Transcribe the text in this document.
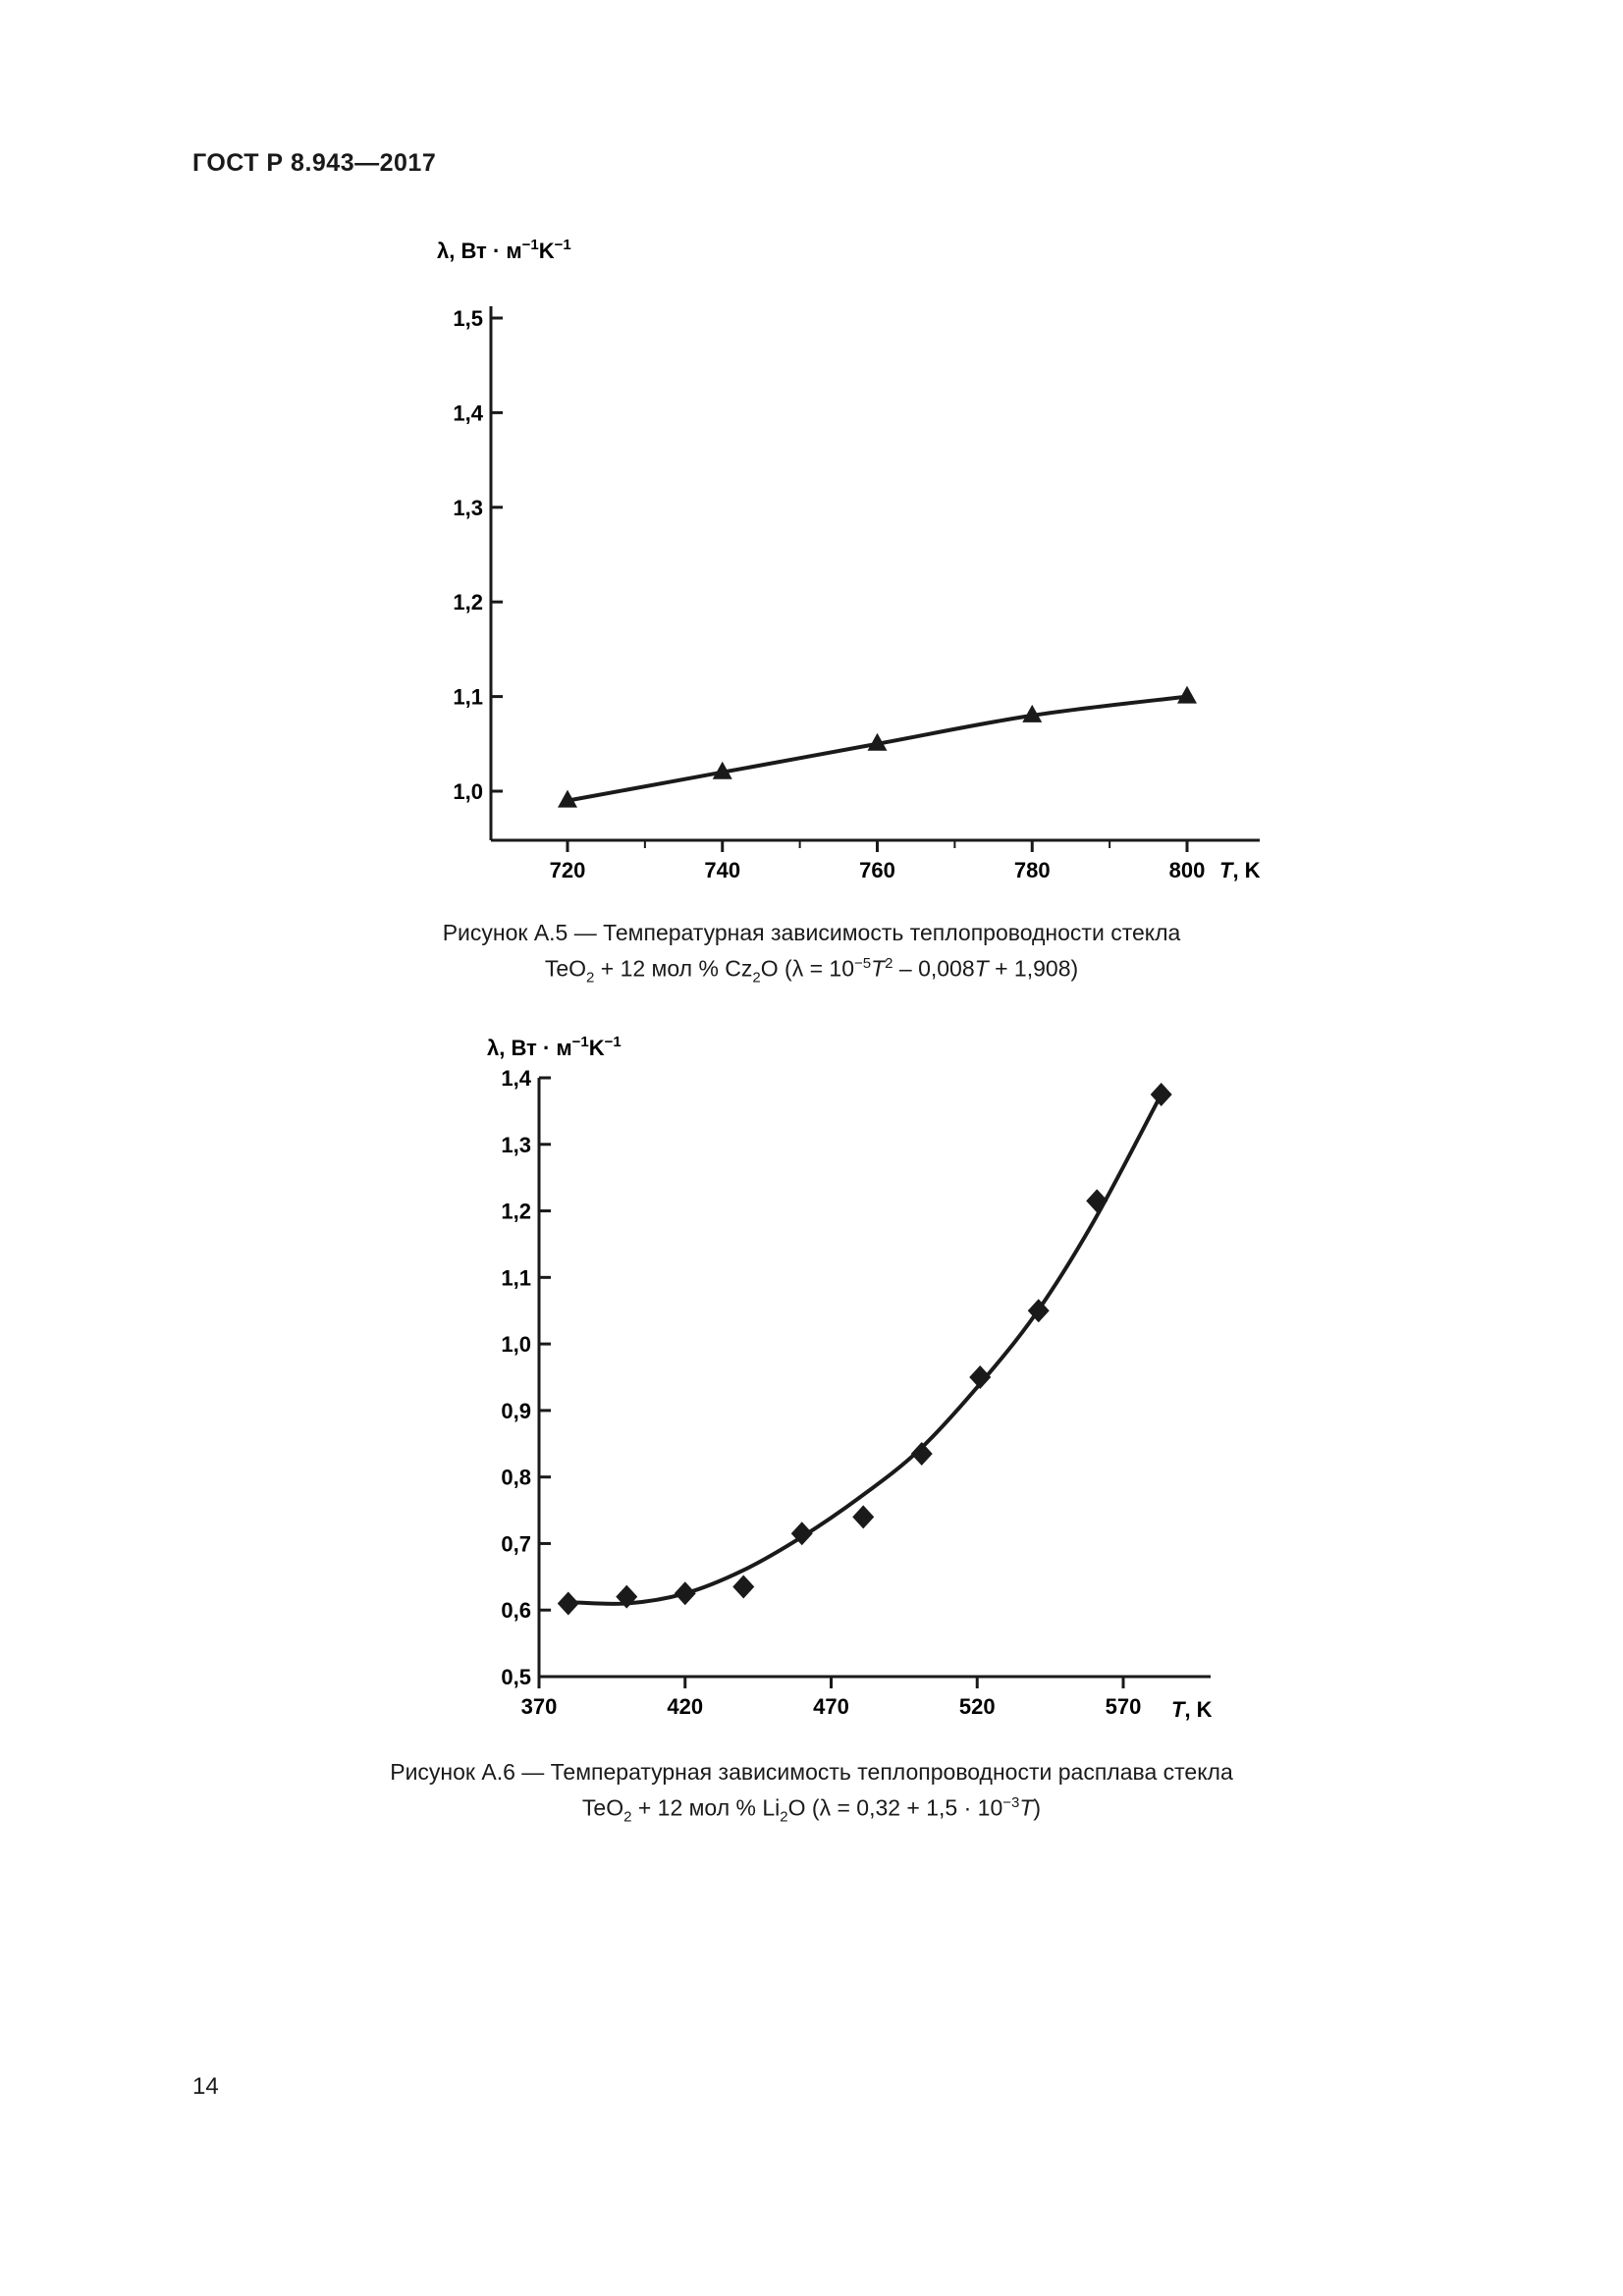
ГОСТ Р 8.943—2017
λ, Вт · $м^{-1}K^{-1}$
1,0
1,1
1,2
1,3
1,4
1,5
720	740	760	780	800 T, K
Рисунок А.5 — Температурная зависимость теплопроводности стекла
TeO$_2$ + 12 мол % $Cz_2O$ $(\lambda = 10^{-5}T^2 - 0,008T + 1,908)$
λ, Вт · $м^{-1}K^{-1}$
0,5
0,6
0,7
0,8
0,9
1,0
1,1
1,2
1,3
1,4
370	420	470	520	570 T, K
Рисунок А.6 — Температурная зависимость теплопроводности расплава стекла
TeO$_2$ + 12 мол % $Li_2O$ $(\lambda = 0,32 + 1,5 \cdot 10^{-3}T)$
14
